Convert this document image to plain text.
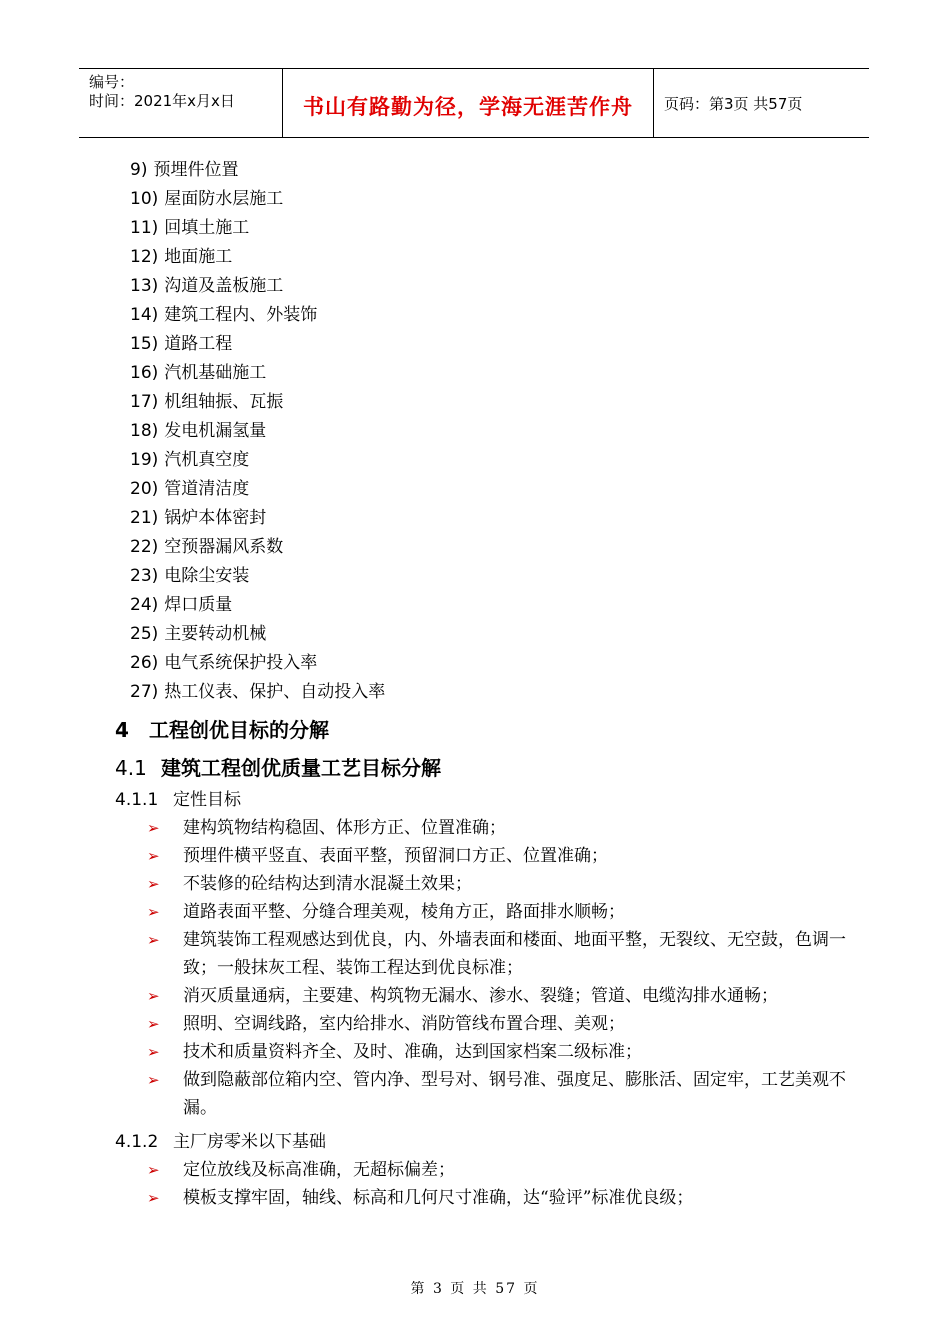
编号：
时间：2021年x月x日	书山有路勤为径，学海无涯苦作舟	页码：第3页 共57页
9) 预埋件位置
10) 屋面防水层施工
11) 回填土施工
12) 地面施工
13) 沟道及盖板施工
14) 建筑工程内、外装饰
15) 道路工程
16) 汽机基础施工
17) 机组轴振、瓦振
18) 发电机漏氢量
19) 汽机真空度
20) 管道清洁度
21) 锅炉本体密封
22) 空预器漏风系数
23) 电除尘安装
24) 焊口质量
25) 主要转动机械
26) 电气系统保护投入率
27) 热工仪表、保护、自动投入率
4 工程创优目标的分解
4.1 建筑工程创优质量工艺目标分解
4.1.1 定性目标
➢ 建构筑物结构稳固、体形方正、位置准确；
➢ 预埋件横平竖直、表面平整，预留洞口方正、位置准确；
➢ 不装修的砼结构达到清水混凝土效果；
➢ 道路表面平整、分缝合理美观，棱角方正，路面排水顺畅；
➢ 建筑装饰工程观感达到优良，内、外墙表面和楼面、地面平整，无裂纹、无空鼓，色调一致；一般抹灰工程、装饰工程达到优良标准；
➢ 消灭质量通病，主要建、构筑物无漏水、渗水、裂缝；管道、电缆沟排水通畅；
➢ 照明、空调线路，室内给排水、消防管线布置合理、美观；
➢ 技术和质量资料齐全、及时、准确，达到国家档案二级标准；
➢ 做到隐蔽部位箱内空、管内净、型号对、钢号准、强度足、膨胀活、固定牢，工艺美观不漏。
4.1.2 主厂房零米以下基础
➢ 定位放线及标高准确，无超标偏差；
➢ 模板支撑牢固，轴线、标高和几何尺寸准确，达“验评”标准优良级；
第 3 页 共 57 页
